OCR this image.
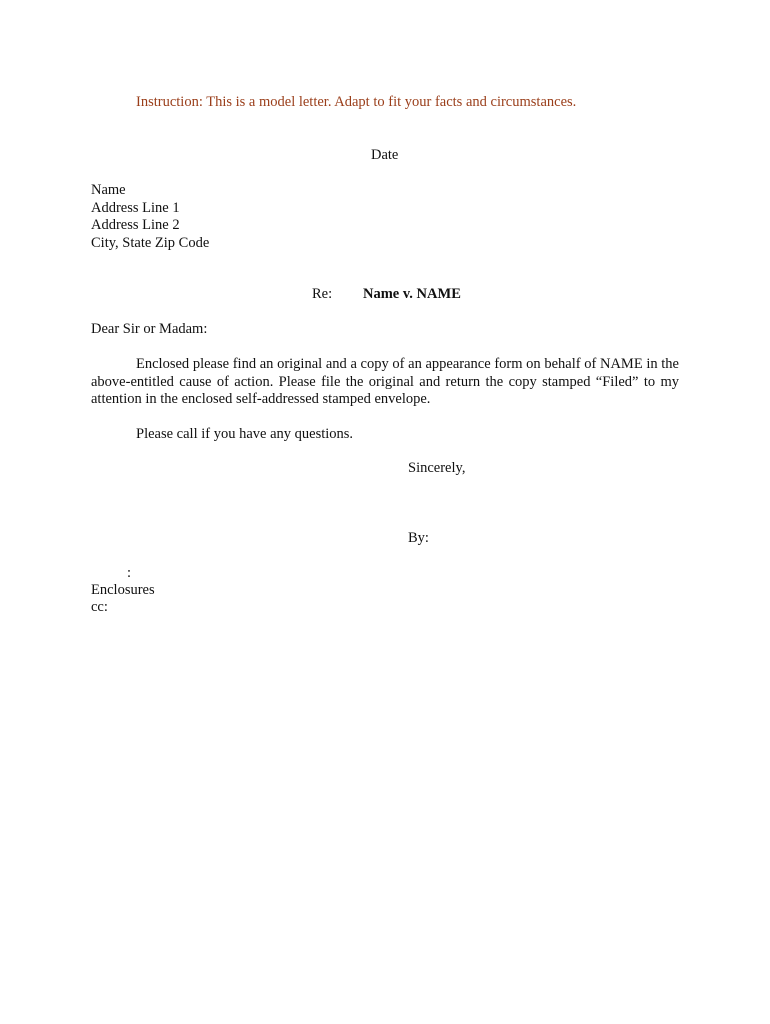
Instruction: This is a model letter. Adapt to fit your facts and circumstances.
Date
Name
Address Line 1
Address Line 2
City, State Zip Code
Re: Name v. NAME
Dear Sir or Madam:
Enclosed please find an original and a copy of an appearance form on behalf of NAME in the above-entitled cause of action. Please file the original and return the copy stamped “Filed” to my attention in the enclosed self-addressed stamped envelope.
Please call if you have any questions.
Sincerely,
By:
:
Enclosures
cc:
